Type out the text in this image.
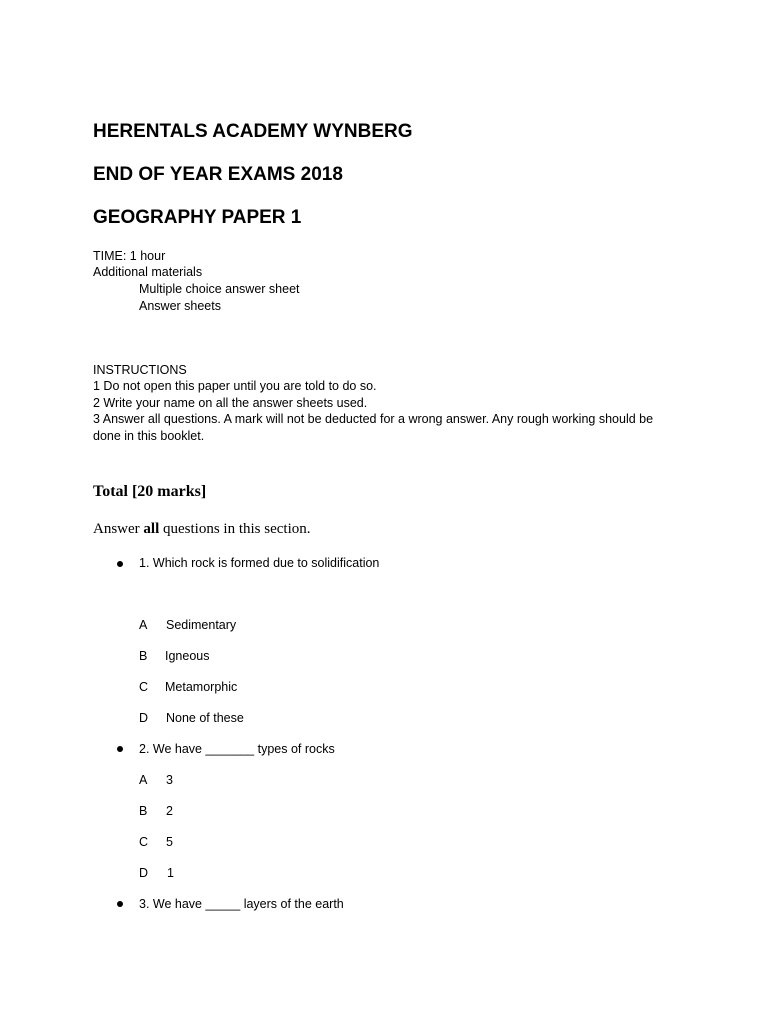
HERENTALS ACADEMY WYNBERG
END OF YEAR EXAMS 2018
GEOGRAPHY PAPER 1
TIME: 1 hour
Additional materials
Multiple choice answer sheet
Answer sheets
INSTRUCTIONS
1 Do not open this paper until you are told to do so.
2 Write your name on all the answer sheets used.

3 Answer all questions. A mark will not be deducted for a wrong answer. Any rough working should be done in this booklet.

Total [20 marks]
Answer all questions in this section.
1. Which rock is formed due to solidification
A Sedimentary
B Igneous
C Metamorphic
D None of these
2. We have _______ types of rocks
A 3
B 2
C 5
D 1
3. We have _____ layers of the earth
